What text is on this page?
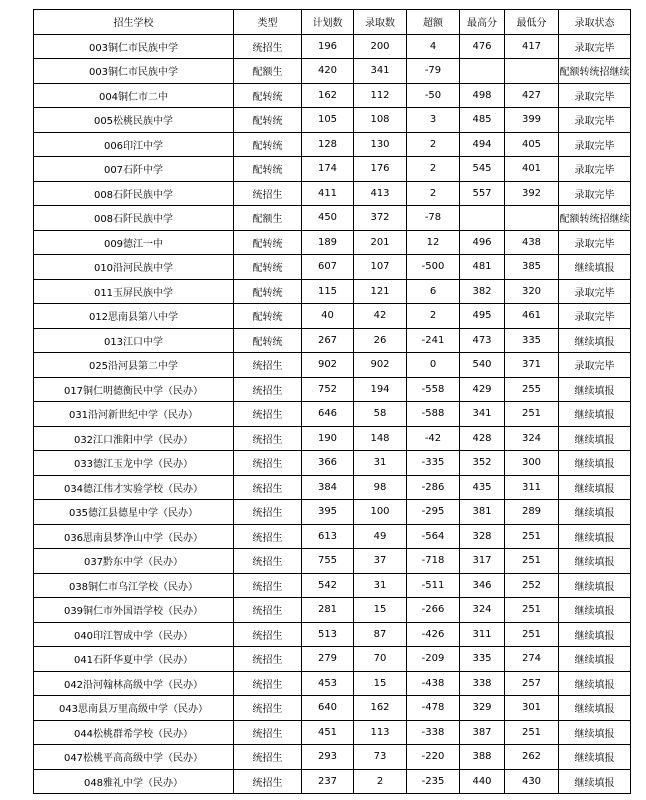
招生学校	类型	计划数	录取数	超额	最高分	最低分	录取状态
003铜仁市民族中学	统招生	196	200	4	476	417	录取完毕
003铜仁市民族中学	配额生	420	341	-79			配额转统招继续
004铜仁市二中	配转统	162	112	-50	498	427	录取完毕
005松桃民族中学	配转统	105	108	3	485	399	录取完毕
006印江中学	配转统	128	130	2	494	405	录取完毕
007石阡中学	配转统	174	176	2	545	401	录取完毕
008石阡民族中学	统招生	411	413	2	557	392	录取完毕
008石阡民族中学	配额生	450	372	-78			配额转统招继续
009德江一中	配转统	189	201	12	496	438	录取完毕
010沿河民族中学	配转统	607	107	-500	481	385	继续填报
011玉屏民族中学	配转统	115	121	6	382	320	录取完毕
012思南县第八中学	配转统	40	42	2	495	461	录取完毕
013江口中学	配转统	267	26	-241	473	335	继续填报
025沿河县第二中学	统招生	902	902	0	540	371	录取完毕
017铜仁明德衡民中学（民办）	统招生	752	194	-558	429	255	继续填报
031沿河新世纪中学（民办）	统招生	646	58	-588	341	251	继续填报
032江口淮阳中学（民办）	统招生	190	148	-42	428	324	继续填报
033德江玉龙中学（民办）	统招生	366	31	-335	352	300	继续填报
034德江伟才实验学校（民办）	统招生	384	98	-286	435	311	继续填报
035德江县德星中学（民办）	统招生	395	100	-295	381	289	继续填报
036思南县梦净山中学（民办）	统招生	613	49	-564	328	251	继续填报
037黔东中学（民办）	统招生	755	37	-718	317	251	继续填报
038铜仁市乌江学校（民办）	统招生	542	31	-511	346	252	继续填报
039铜仁市外国语学校（民办）	统招生	281	15	-266	324	251	继续填报
040印江智成中学（民办）	统招生	513	87	-426	311	251	继续填报
041石阡华夏中学（民办）	统招生	279	70	-209	335	274	继续填报
042沿河翰林高级中学（民办）	统招生	453	15	-438	338	257	继续填报
043思南县万里高级中学（民办）	统招生	640	162	-478	329	301	继续填报
044松桃群希学校（民办）	统招生	451	113	-338	387	251	继续填报
047松桃平高高级中学（民办）	统招生	293	73	-220	388	262	继续填报
048雅礼中学（民办）	统招生	237	2	-235	440	430	继续填报
